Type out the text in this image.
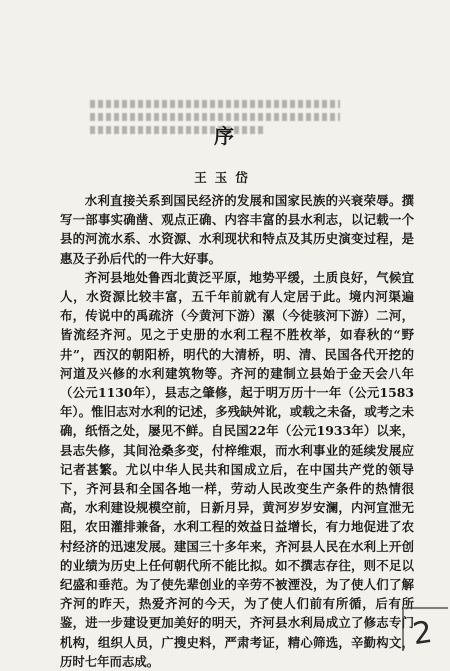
序
王玉岱

水利直接关系到国民经济的发展和国家民族的兴衰荣辱。撰写一部事实确凿、观点正确、内容丰富的县水利志，以记载一个县的河流水系、水资源、水利现状和特点及其历史演变过程，是惠及子孙后代的一件大好事。

齐河县地处鲁西北黄泛平原，地势平缓，土质良好，气候宜人，水资源比较丰富，五千年前就有人定居于此。境内河渠遍布，传说中的禹疏济（今黄河下游）漯（今徒骇河下游）二河，皆流经齐河。见之于史册的水利工程不胜枚举，如春秋的“野井”，西汉的朝阳桥，明代的大清桥，明、清、民国各代开挖的河道及兴修的水利建筑物等。齐河的建制立县始于金天会八年（公元1130年），县志之肇修，起于明万历十一年（公元1583年）。惟旧志对水利的记述，多残缺舛讹，或载之未备，或考之未确，纸悟之处，屡见不鲜。自民国22年（公元1933年）以来，县志失修，其间沧桑多变，付梓维艰，而水利事业的延续发展应记者甚繁。尤以中华人民共和国成立后，在中国共产党的领导下，齐河县和全国各地一样，劳动人民改变生产条件的热情很高，水利建设规模空前，日新月异，黄河岁岁安澜，内河宣泄无阻，农田灌排兼备，水利工程的效益日益增长，有力地促进了农村经济的迅速发展。建国三十多年来，齐河县人民在水利上开创的业绩为历史上任何朝代所不能比拟。如不撰志存往，则不足以纪盛和垂范。为了使先辈创业的辛劳不被湮没，为了使人们了解齐河的昨天，热爱齐河的今天，为了使人们前有所循，后有所鉴，进一步建设更加美好的明天，齐河县水利局成立了修志专门机构，组织人员，广搜史料，严肃考证，精心筛选，辛勤构文，历时七年而志成。

2
